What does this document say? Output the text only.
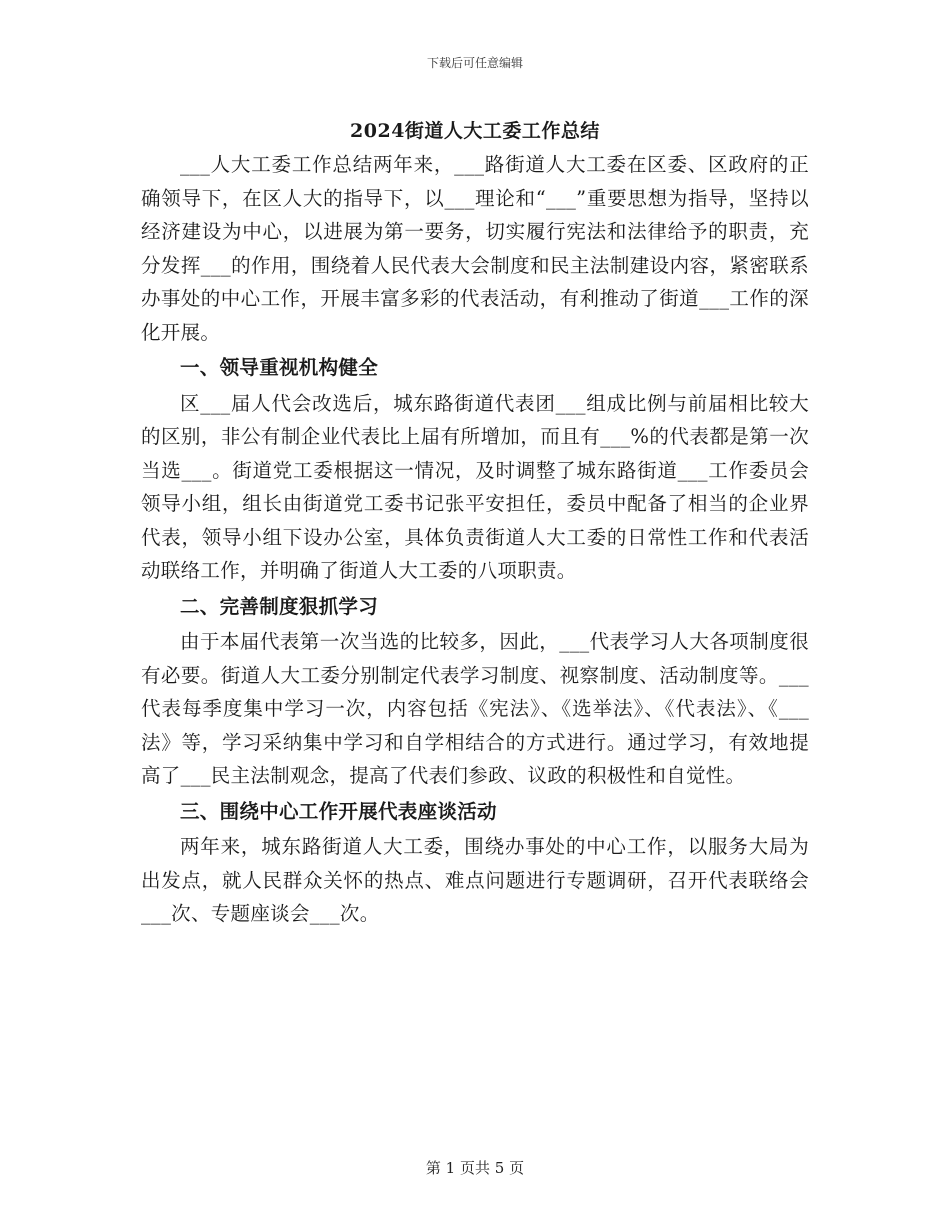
下载后可任意编辑
2024街道人大工委工作总结

___人大工委工作总结两年来，___路街道人大工委在区委、区政府的正确领导下，在区人大的指导下，以___理论和“___”重要思想为指导，坚持以经济建设为中心，以进展为第一要务，切实履行宪法和法律给予的职责，充分发挥___的作用，围绕着人民代表大会制度和民主法制建设内容，紧密联系办事处的中心工作，开展丰富多彩的代表活动，有利推动了街道___工作的深化开展。

一、领导重视机构健全

区___届人代会改选后，城东路街道代表团___组成比例与前届相比较大的区别，非公有制企业代表比上届有所增加，而且有___%的代表都是第一次当选___。街道党工委根据这一情况，及时调整了城东路街道___工作委员会领导小组，组长由街道党工委书记张平安担任，委员中配备了相当的企业界代表，领导小组下设办公室，具体负责街道人大工委的日常性工作和代表活动联络工作，并明确了街道人大工委的八项职责。

二、完善制度狠抓学习

由于本届代表第一次当选的比较多，因此，___代表学习人大各项制度很有必要。街道人大工委分别制定代表学习制度、视察制度、活动制度等。___代表每季度集中学习一次，内容包括《宪法》、《选举法》、《代表法》、《___法》等，学习采纳集中学习和自学相结合的方式进行。通过学习，有效地提高了___民主法制观念，提高了代表们参政、议政的积极性和自觉性。

三、围绕中心工作开展代表座谈活动

两年来，城东路街道人大工委，围绕办事处的中心工作，以服务大局为出发点，就人民群众关怀的热点、难点问题进行专题调研，召开代表联络会___次、专题座谈会___次。

第 1 页共 5 页
